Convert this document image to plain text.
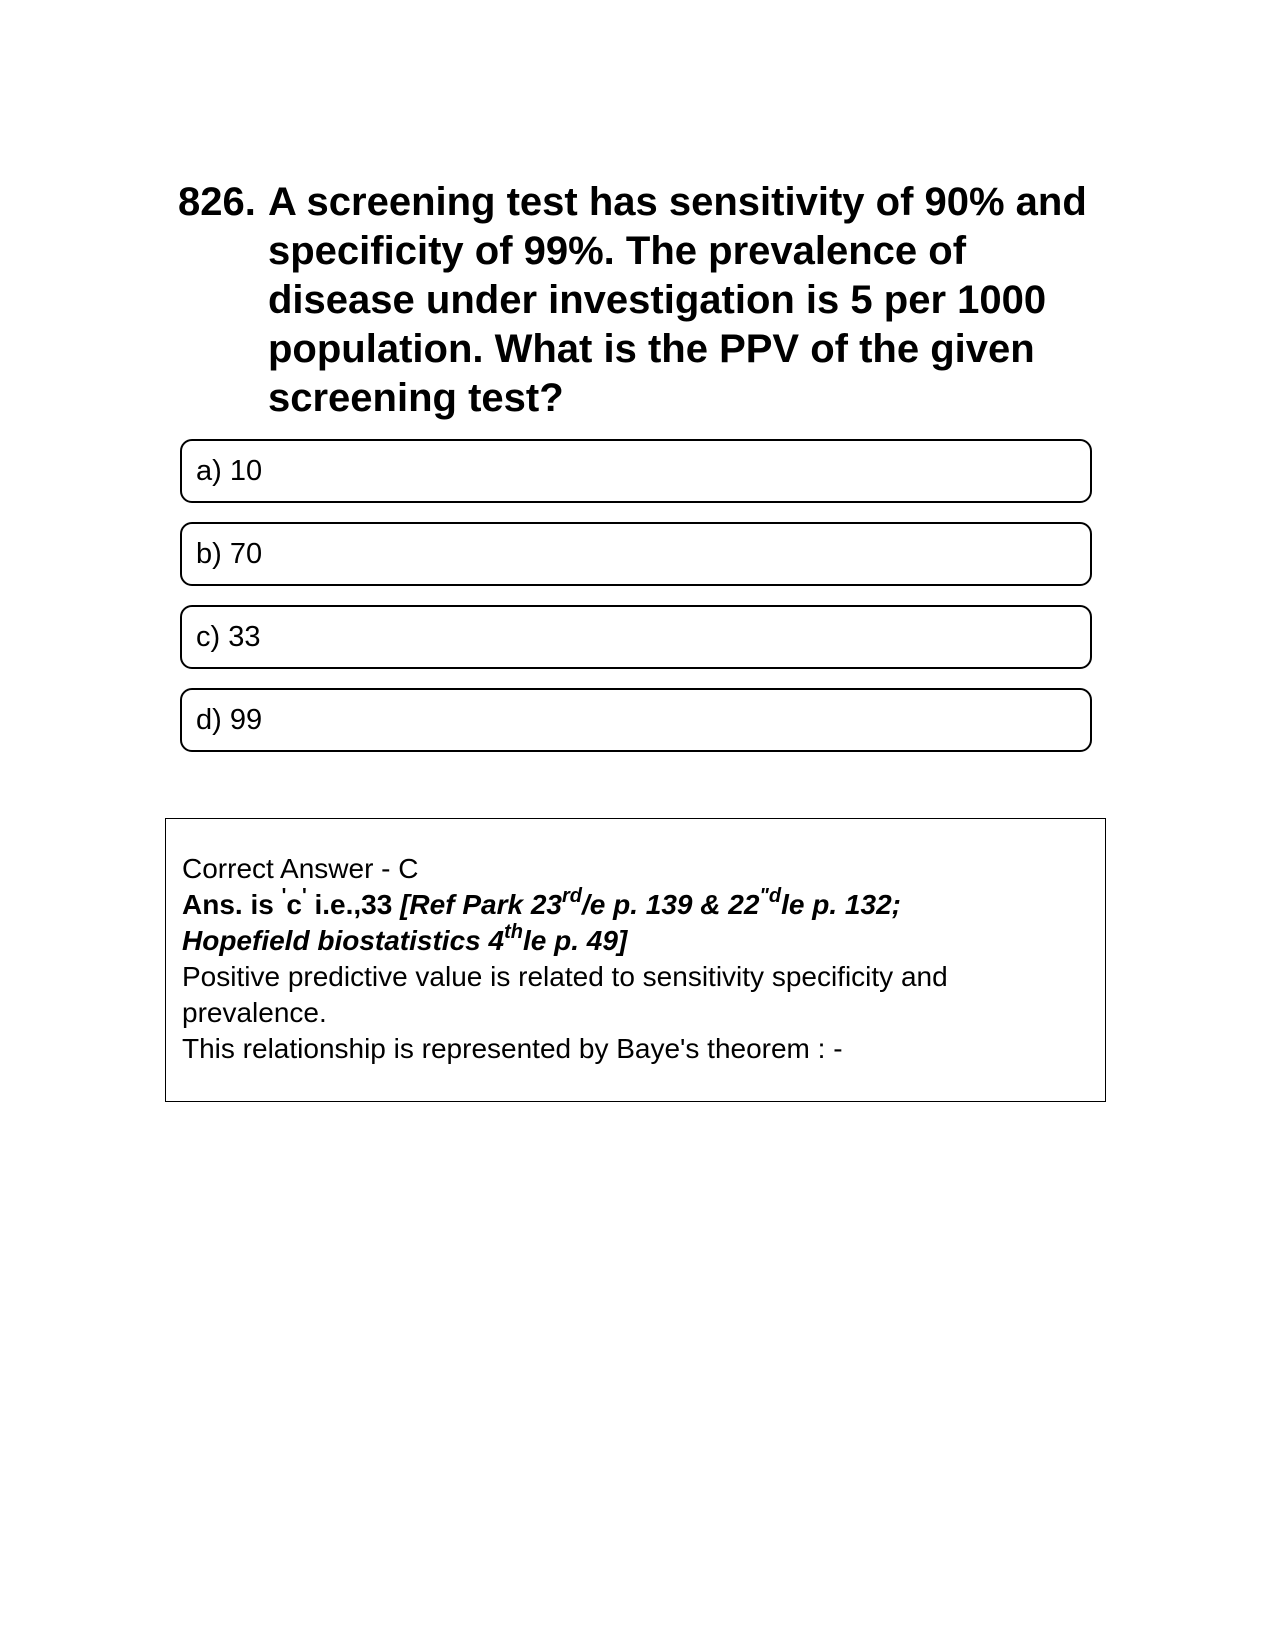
826. A screening test has sensitivity of 90% and specificity of 99%. The prevalence of disease under investigation is 5 per 1000 population. What is the PPV of the given screening test?
a) 10
b) 70
c) 33
d) 99
Correct Answer - C
Ans. is 'c' i.e.,33 [Ref Park 23rd/e p. 139 & $22^{"d}le$ p. 132;
Hopefield biostatistics 4thle p. 49]
Positive predictive value is related to sensitivity specificity and prevalence.
This relationship is represented by Baye's theorem : -
